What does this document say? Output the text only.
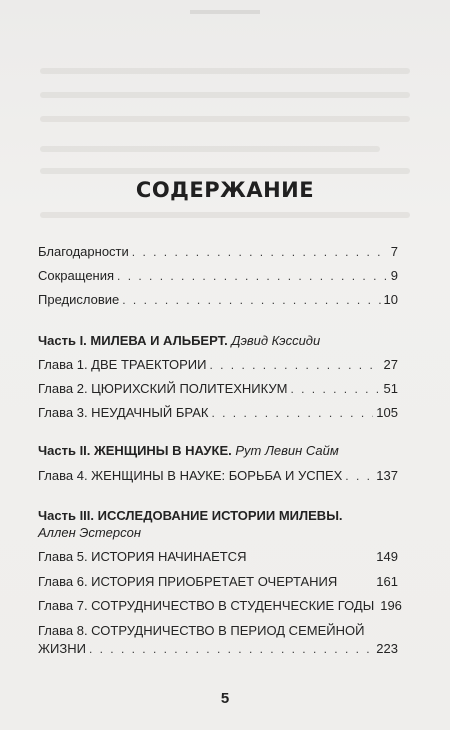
СОДЕРЖАНИЕ
Благодарности . . .	7
Сокращения . . .	9
Предисловие . . .	10
Часть I. МИЛЕВА И АЛЬБЕРТ. Дэвид Кэссиди
Глава 1. ДВЕ ТРАЕКТОРИИ . . .	27
Глава 2. ЦЮРИХСКИЙ ПОЛИТЕХНИКУМ . . .	51
Глава 3. НЕУДАЧНЫЙ БРАК . . .	105
Часть II. ЖЕНЩИНЫ В НАУКЕ. Рут Левин Сайм
Глава 4. ЖЕНЩИНЫ В НАУКЕ: БОРЬБА И УСПЕХ . . .	137
Часть III. ИССЛЕДОВАНИЕ ИСТОРИИ МИЛЕВЫ.
Аллен Эстерсон
Глава 5. ИСТОРИЯ НАЧИНАЕТСЯ	149
Глава 6. ИСТОРИЯ ПРИОБРЕТАЕТ ОЧЕРТАНИЯ	161
Глава 7. СОТРУДНИЧЕСТВО В СТУДЕНЧЕСКИЕ ГОДЫ 196
Глава 8. СОТРУДНИЧЕСТВО В ПЕРИОД СЕМЕЙНОЙ
ЖИЗНИ . . .	223
5
